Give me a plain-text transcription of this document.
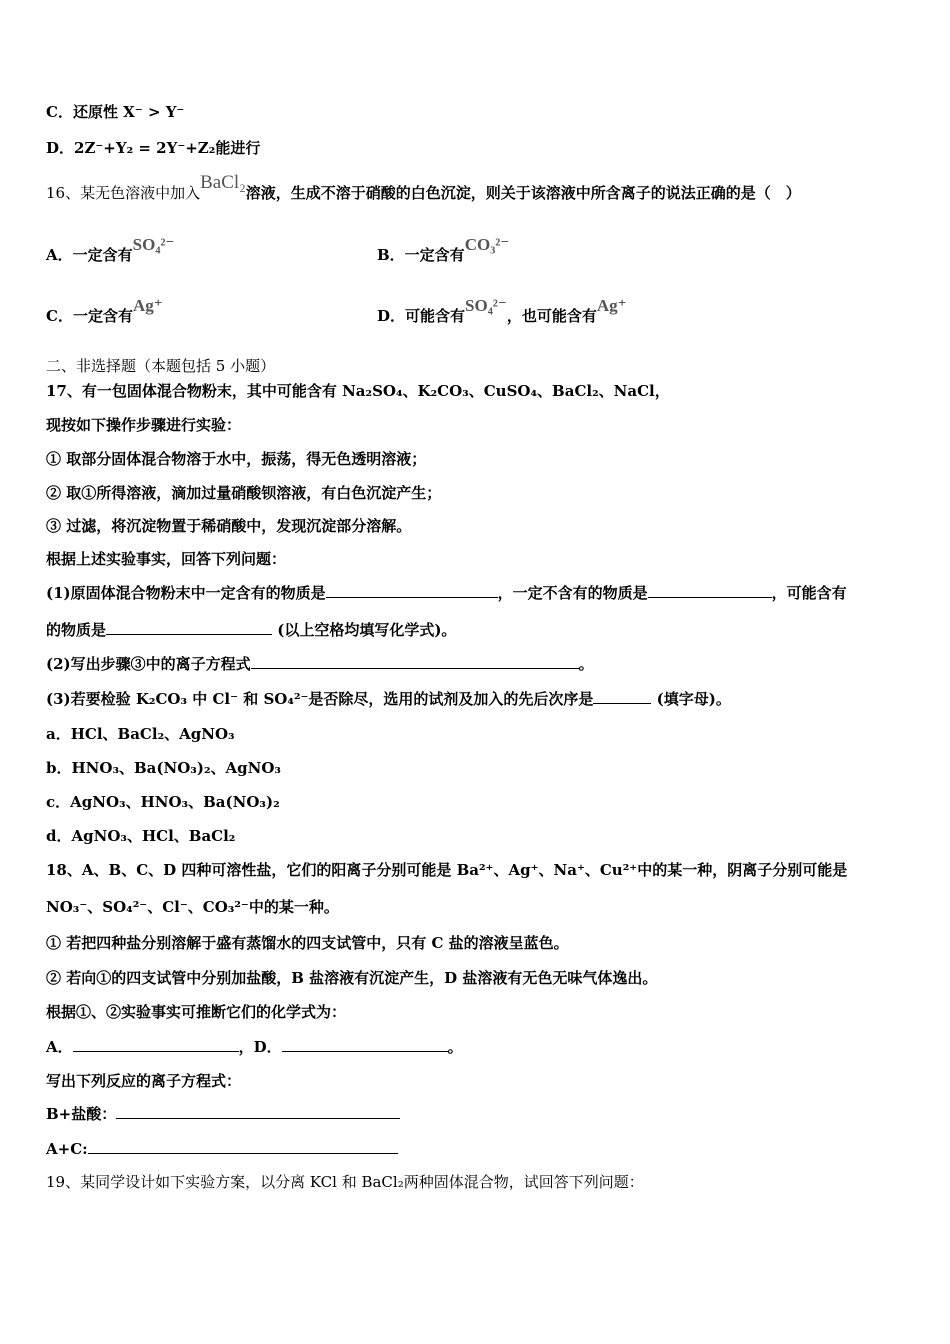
C．还原性 X⁻ > Y⁻
D．2Z⁻+Y₂ = 2Y⁻+Z₂能进行
16、某无色溶液中加入BaCl₂溶液，生成不溶于硝酸的白色沉淀，则关于该溶液中所含离子的说法正确的是（　）
A．一定含有SO₄²⁻
B．一定含有CO₃²⁻
C．一定含有Ag⁺
D．可能含有SO₄²⁻，也可能含有Ag⁺
二、非选择题（本题包括 5 小题）
17、有一包固体混合物粉末，其中可能含有 Na₂SO₄、K₂CO₃、CuSO₄、BaCl₂、NaCl，
现按如下操作步骤进行实验：
① 取部分固体混合物溶于水中，振荡，得无色透明溶液；
② 取①所得溶液，滴加过量硝酸钡溶液，有白色沉淀产生；
③ 过滤，将沉淀物置于稀硝酸中，发现沉淀部分溶解。
根据上述实验事实，回答下列问题：
(1)原固体混合物粉末中一定含有的物质是	，一定不含有的物质是	，可能含有
的物质是	(以上空格均填写化学式)。
(2)写出步骤③中的离子方程式	。
(3)若要检验 K₂CO₃ 中 Cl⁻ 和 SO₄²⁻是否除尽，选用的试剂及加入的先后次序是	(填字母)。
a．HCl、BaCl₂、AgNO₃
b．HNO₃、Ba(NO₃)₂、AgNO₃
c．AgNO₃、HNO₃、Ba(NO₃)₂
d．AgNO₃、HCl、BaCl₂
18、A、B、C、D 四种可溶性盐，它们的阳离子分别可能是 Ba²⁺、Ag⁺、Na⁺、Cu²⁺中的某一种，阴离子分别可能是
NO₃⁻、SO₄²⁻、Cl⁻、CO₃²⁻中的某一种。
① 若把四种盐分别溶解于盛有蒸馏水的四支试管中，只有 C 盐的溶液呈蓝色。
② 若向①的四支试管中分别加盐酸，B 盐溶液有沉淀产生，D 盐溶液有无色无味气体逸出。
根据①、②实验事实可推断它们的化学式为：
A．	，D．	。
写出下列反应的离子方程式：
B+盐酸：
A+C:
19、某同学设计如下实验方案，以分离 KCl 和 BaCl₂两种固体混合物，试回答下列问题：
